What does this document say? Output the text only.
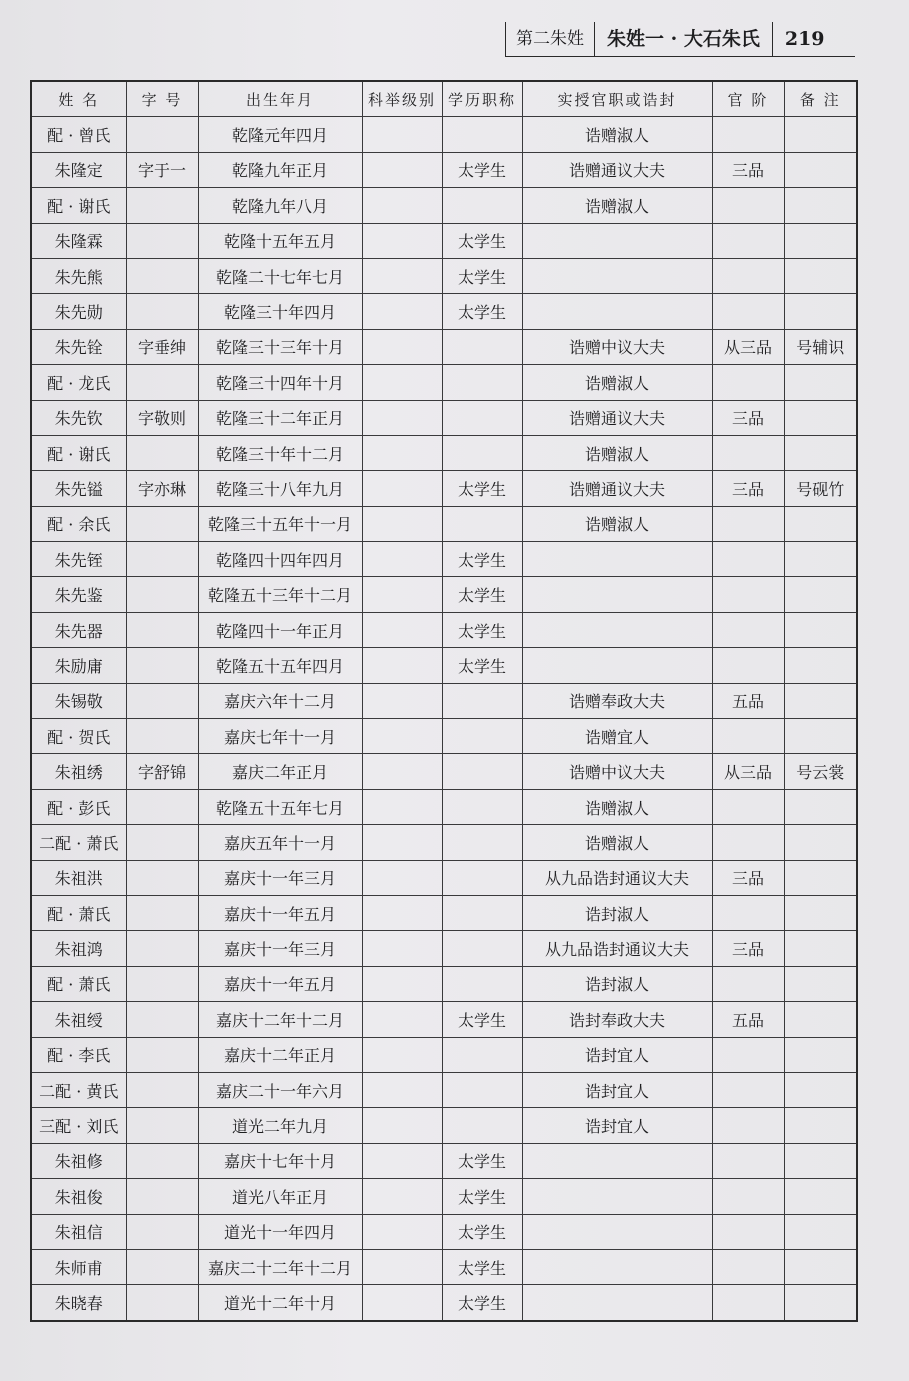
第二朱姓	朱姓一 · 大石朱氏	219
姓 名	字 号	出生年月	科举级别	学历职称	实授官职或诰封	官 阶	备 注
配 · 曾氏		乾隆元年四月			诰赠淑人		
朱隆定	字于一	乾隆九年正月		太学生	诰赠通议大夫	三品	
配 · 谢氏		乾隆九年八月			诰赠淑人		
朱隆霖		乾隆十五年五月		太学生			
朱先熊		乾隆二十七年七月		太学生			
朱先勋		乾隆三十年四月		太学生			
朱先铨	字垂绅	乾隆三十三年十月			诰赠中议大夫	从三品	号辅识
配 · 龙氏		乾隆三十四年十月			诰赠淑人		
朱先钦	字敬则	乾隆三十二年正月			诰赠通议大夫	三品	
配 · 谢氏		乾隆三十年十二月			诰赠淑人		
朱先镒	字亦琳	乾隆三十八年九月		太学生	诰赠通议大夫	三品	号砚竹
配 · 余氏		乾隆三十五年十一月			诰赠淑人		
朱先铚		乾隆四十四年四月		太学生			
朱先鉴		乾隆五十三年十二月		太学生			
朱先器		乾隆四十一年正月		太学生			
朱励庸		乾隆五十五年四月		太学生			
朱锡敬		嘉庆六年十二月			诰赠奉政大夫	五品	
配 · 贺氏		嘉庆七年十一月			诰赠宜人		
朱祖绣	字舒锦	嘉庆二年正月			诰赠中议大夫	从三品	号云裳
配 · 彭氏		乾隆五十五年七月			诰赠淑人		
二配 · 萧氏		嘉庆五年十一月			诰赠淑人		
朱祖洪		嘉庆十一年三月			从九品诰封通议大夫	三品	
配 · 萧氏		嘉庆十一年五月			诰封淑人		
朱祖鸿		嘉庆十一年三月			从九品诰封通议大夫	三品	
配 · 萧氏		嘉庆十一年五月			诰封淑人		
朱祖绶		嘉庆十二年十二月		太学生	诰封奉政大夫	五品	
配 · 李氏		嘉庆十二年正月			诰封宜人		
二配 · 黄氏		嘉庆二十一年六月			诰封宜人		
三配 · 刘氏		道光二年九月			诰封宜人		
朱祖修		嘉庆十七年十月		太学生			
朱祖俊		道光八年正月		太学生			
朱祖信		道光十一年四月		太学生			
朱师甫		嘉庆二十二年十二月		太学生			
朱晓春		道光十二年十月		太学生			
